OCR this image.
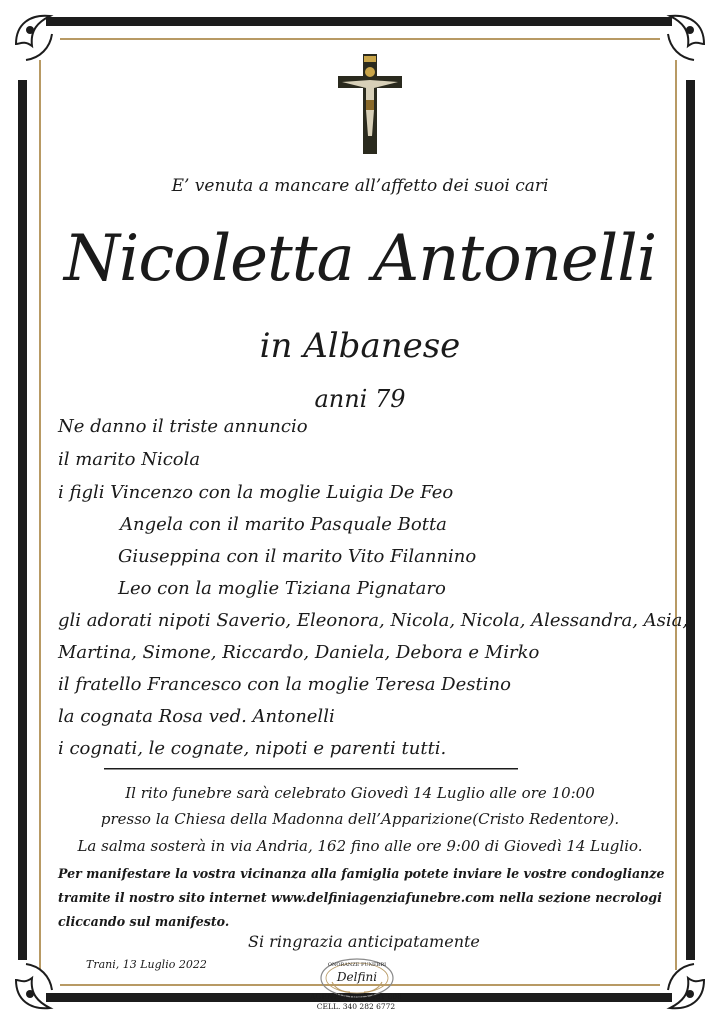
E’ venuta a mancare all’affetto dei suoi cari
Nicoletta Antonelli
in Albanese
anni 79
Ne danno il triste annuncio
il marito Nicola
i figli Vincenzo con la moglie Luigia De Feo
Angela con il marito Pasquale Botta
Giuseppina con il marito Vito Filannino
Leo con la moglie Tiziana Pignataro
gli adorati nipoti Saverio, Eleonora, Nicola, Nicola, Alessandra, Asia,
Martina, Simone, Riccardo, Daniela, Debora e Mirko
il fratello Francesco con la moglie Teresa Destino
la cognata Rosa ved. Antonelli
i cognati, le cognate, nipoti e parenti tutti.
Il rito funebre sarà celebrato Giovedì 14 Luglio alle ore 10:00
presso la Chiesa della Madonna dell’Apparizione(Cristo Redentore).
La salma sosterà in via Andria, 162 fino alle ore 9:00 di Giovedì 14 Luglio.
Per manifestare la vostra vicinanza alla famiglia potete inviare le vostre condoglianze
tramite il nostro sito internet www.delfiniagenziafunebre.com nella sezione necrologi
cliccando sul manifesto.
Si ringrazia anticipatamente
Trani, 13 Luglio 2022	ONORANZE FUNEBRI
Delfini
AGENZIA 0883 481 608
CELL. 340 282 6772
